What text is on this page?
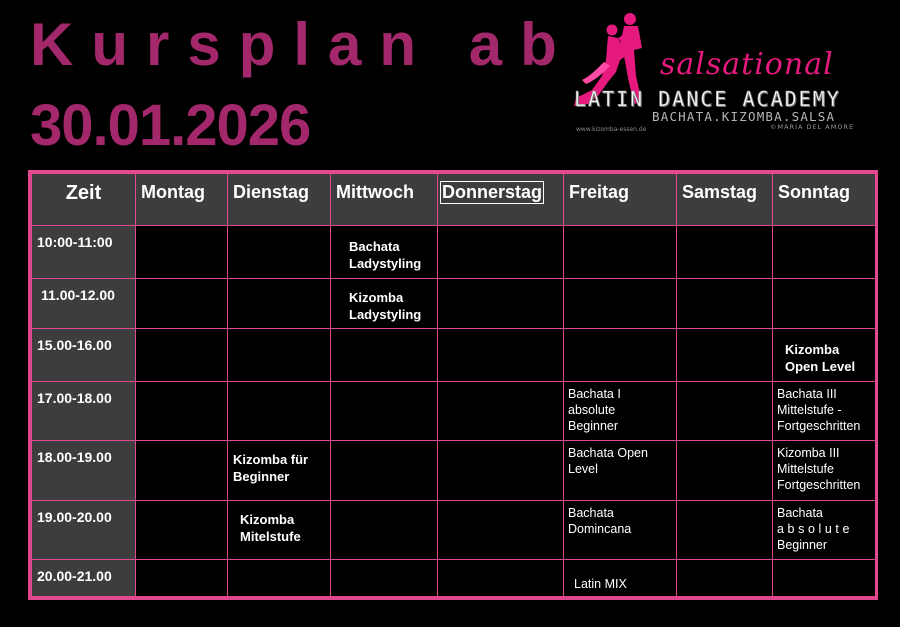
Kursplan ab
30.01.2026
salsational
LATIN DANCE ACADEMY
BACHATA.KIZOMBA.SALSA
www.kizomba-essen.de	©MARIA DEL AMORE
Zeit	Montag	Dienstag	Mittwoch	Donnerstag	Freitag	Samstag	Sonntag
10:00-11:00			Bachata
Ladystyling				

11.00-12.00			Kizomba
Ladystyling				

15.00-16.00							Kizomba
Open Level

17.00-18.00					Bachata I
absolute
Beginner		Bachata III
Mittelstufe -
Fortgeschritten

18.00-19.00		Kizomba für
Beginner			Bachata Open
Level		Kizomba III
Mittelstufe
Fortgeschritten

19.00-20.00		Kizomba
Mitelstufe			Bachata
Domincana		Bachata
absolute
Beginner

20.00-21.00					Latin MIX		
